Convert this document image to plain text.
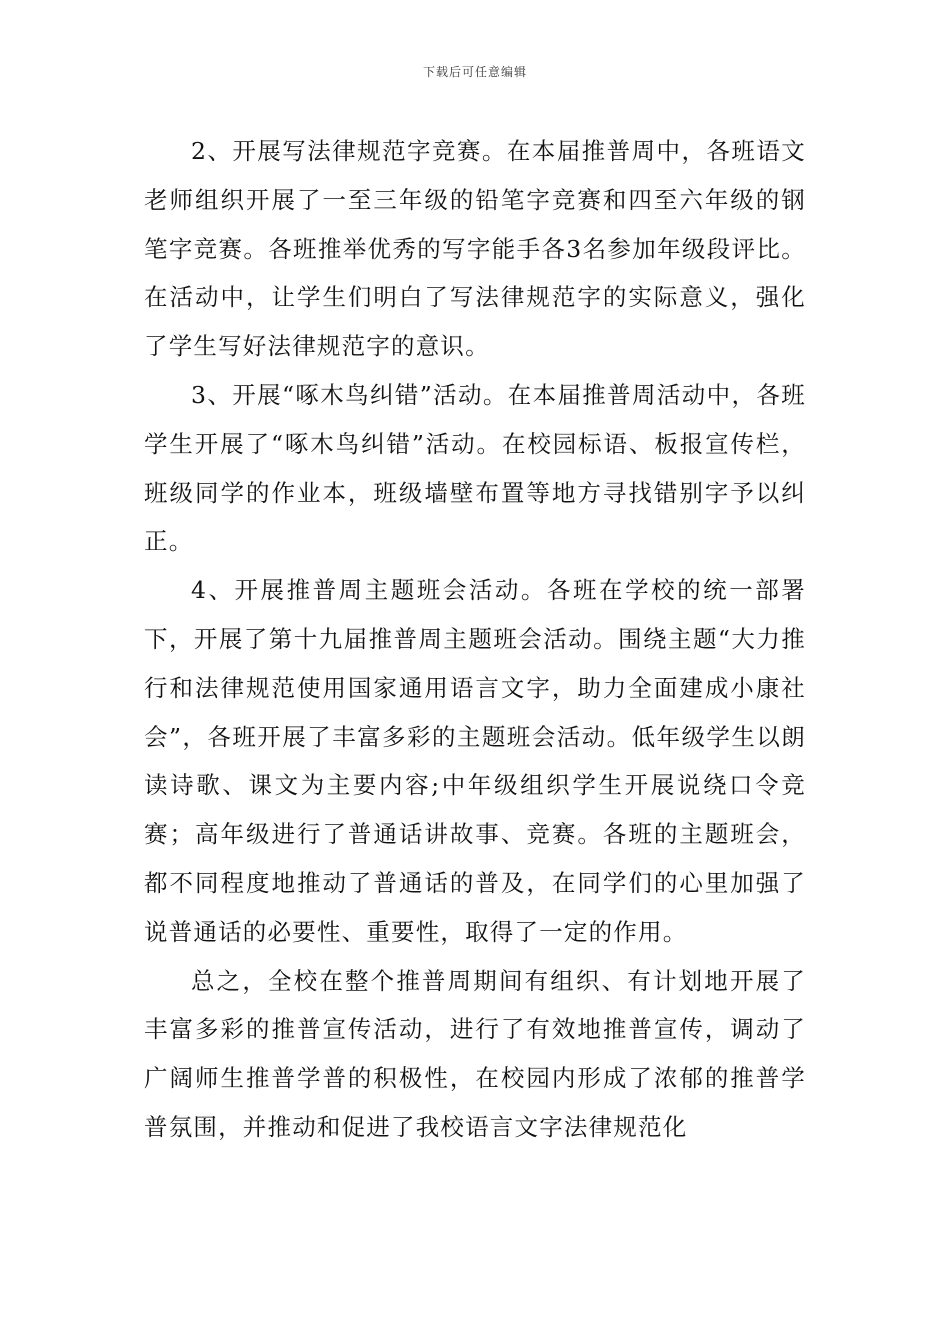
下载后可任意编辑

2、开展写法律规范字竞赛。在本届推普周中，各班语文老师组织开展了一至三年级的铅笔字竞赛和四至六年级的钢笔字竞赛。各班推举优秀的写字能手各3名参加年级段评比。在活动中，让学生们明白了写法律规范字的实际意义，强化了学生写好法律规范字的意识。

3、开展“啄木鸟纠错”活动。在本届推普周活动中，各班学生开展了“啄木鸟纠错”活动。在校园标语、板报宣传栏，班级同学的作业本，班级墙壁布置等地方寻找错别字予以纠正。

4、开展推普周主题班会活动。各班在学校的统一部署下，开展了第十九届推普周主题班会活动。围绕主题“大力推行和法律规范使用国家通用语言文字，助力全面建成小康社会”，各班开展了丰富多彩的主题班会活动。低年级学生以朗读诗歌、课文为主要内容;中年级组织学生开展说绕口令竞赛；高年级进行了普通话讲故事、竞赛。各班的主题班会，都不同程度地推动了普通话的普及，在同学们的心里加强了说普通话的必要性、重要性，取得了一定的作用。

总之，全校在整个推普周期间有组织、有计划地开展了丰富多彩的推普宣传活动，进行了有效地推普宣传，调动了广阔师生推普学普的积极性，在校园内形成了浓郁的推普学普氛围，并推动和促进了我校语言文字法律规范化
